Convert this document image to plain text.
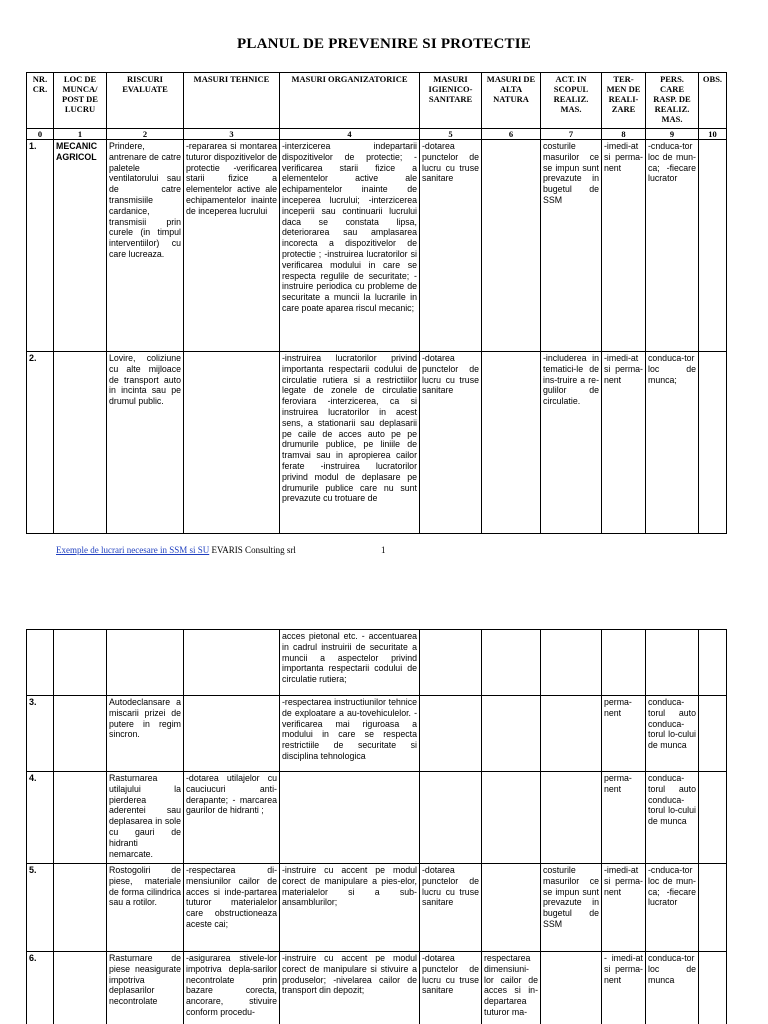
PLANUL DE PREVENIRE SI PROTECTIE
NR. CR.	LOC DE MUNCA/ POST DE LUCRU	RISCURI EVALUATE	MASURI TEHNICE	MASURI ORGANIZATORICE	MASURI IGIENICO-SANITARE	MASURI DE ALTA NATURA	ACT. IN SCOPUL REALIZ. MAS.	TER-MEN DE REALI-ZARE	PERS. CARE RASP. DE REALIZ. MAS.	OBS.
0	1	2	3	4	5	6	7	8	9	10
1.	MECANIC AGRICOL	Prindere, antrenare de catre paletele ventilatorului sau de catre transmisiile cardanice, transmisii prin curele (in timpul interventiilor) cu care lucreaza.	-repararea si montarea tuturor dispozitivelor de protectie -verificarea starii fizice a elementelor active ale echipamentelor inainte de inceperea lucrului	-interzicerea indepartarii dispozitivelor de protectie; -verificarea starii fizice a elementelor active ale echipamentelor inainte de inceperea lucrului; -interzicerea inceperii sau continuarii lucrului daca se constata lipsa, deteriorarea sau amplasarea incorecta a dispozitivelor de protectie ; -instruirea lucratorilor si verificarea modului in care se respecta regulile de securitate; -instruire periodica cu probleme de securitate a muncii la lucrarile in care poate aparea riscul mecanic;	-dotarea punctelor de lucru cu truse sanitare		costurile masurilor ce se impun sunt prevazute in bugetul de SSM	-imedi-at si perma-nent	-cnduca-tor loc de mun-ca; -fiecare lucrator	
2.		Lovire, coliziune cu alte mijloace de transport auto in incinta sau pe drumul public.		-instruirea lucratorilor privind importanta respectarii codului de circulatie rutiera si a restrictiilor legate de zonele de circulatie feroviara -interzicerea, ca si instruirea lucratorilor in acest sens, a stationarii sau deplasarii pe caile de acces auto pe pe drumurile publice, pe liniile de tramvai sau in apropierea cailor ferate -instruirea lucratorilor privind modul de deplasare pe drumurile publice care nu sunt prevazute cu trotuare de	-dotarea punctelor de lucru cu truse sanitare		-includerea in tematici-le de ins-truire a re-gulilor de circulatie.	-imedi-at si perma-nent	conduca-tor loc de munca;	
Exemple de lucrari necesare in SSM si SU EVARIS Consulting srl	1
				acces pietonal etc. - accentuarea in cadrul instruirii de securitate a muncii a aspectelor privind importanta respectarii codului de circulatie rutiera;						
3.		Autodeclansare a miscarii prizei de putere in regim sincron.		-respectarea instructiunilor tehnice de exploatare a au-tovehiculelor. -verificarea mai riguroasa a modului in care se respecta restrictiile de securitate si disciplina tehnologica				perma-nent	conduca-torul auto conduca-torul lo-cului de munca	
4.		Rasturnarea utilajului la pierderea aderentei sau deplasarea in sole cu gauri de hidranti nemarcate.	-dotarea utilajelor cu cauciucuri anti-derapante; - marcarea gaurilor de hidranti ;					perma-nent	conduca-torul auto conduca-torul lo-cului de munca	
5.		Rostogoliri de piese, materiale de forma cilindrica sau a rotilor.	-respectarea di-mensiunilor cailor de acces si inde-partarea tuturor materialelor care obstructioneaza aceste cai;	-instruire cu accent pe modul corect de manipulare a pies-elor, materialelor si a sub-ansamblurilor;	-dotarea punctelor de lucru cu truse sanitare		costurile masurilor ce se impun sunt prevazute in bugetul de SSM	-imedi-at si perma-nent	-cnduca-tor loc de mun-ca; -fiecare lucrator	
6.		Rasturnare de piese neasigurate impotriva deplasarilor necontrolate	-asigurarea stivele-lor impotriva depla-sarilor necontrolate prin bazare corecta, ancorare, stivuire conform procedu-	-instruire cu accent pe modul corect de manipulare si stivuire a produselor; -nivelarea cailor de transport din depozit;	-dotarea punctelor de lucru cu truse sanitare	respectarea dimensiuni-lor cailor de acces si in-departarea tuturor ma-		- imedi-at si perma-nent	conduca-tor loc de munca	
